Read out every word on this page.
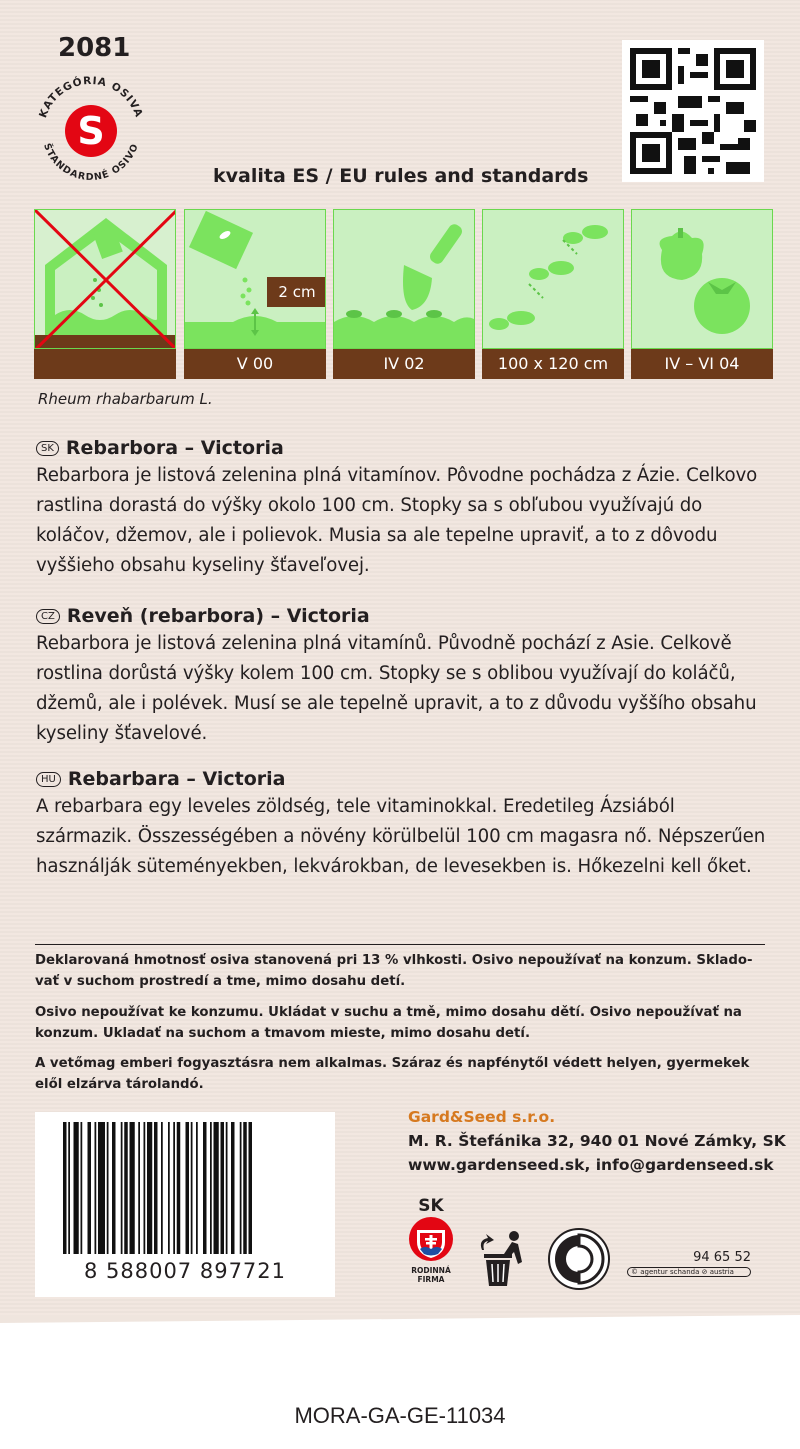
2081
KATEGÓRIA OSIVA
ŠTANDARDNÉ OSIVO
S
kvalita ES / EU rules and standards
2 cm
V 00	IV 02	100 x 120 cm	IV – VI 04
Rheum rhabarbarum L.
SK Rebarbora – Victoria

Rebarbora je listová zelenina plná vitamínov. Pôvodne pochádza z Ázie. Celkovo rastlina dorastá do výšky okolo 100 cm. Stopky sa s obľubou využívajú do koláčov, džemov, ale i polievok. Musia sa ale tepelne upraviť, a to z dôvodu vyššieho obsahu kyseliny šťaveľovej.

CZ Reveň (rebarbora) – Victoria

Rebarbora je listová zelenina plná vitamínů. Původně pochází z Asie. Celkově rostlina dorůstá výšky kolem 100 cm. Stopky se s oblibou využívají do koláčů, džemů, ale i polévek. Musí se ale tepelně upravit, a to z důvodu vyššího obsahu kyseliny šťavelové.

HU Rebarbara – Victoria

A rebarbara egy leveles zöldség, tele vitaminokkal. Eredetileg Ázsiából származik. Összességében a növény körülbelül 100 cm magasra nő. Népszerűen használják süteményekben, lekvárokban, de levesekben is. Hőkezelni kell őket.

Deklarovaná hmotnosť osiva stanovená pri 13 % vlhkosti. Osivo nepoužívať na konzum. Sklado-vať v suchom prostredí a tme, mimo dosahu detí.
Osivo nepoužívat ke konzumu. Ukládat v suchu a tmě, mimo dosahu dětí. Osivo nepoužívať na konzum. Ukladať na suchom a tmavom mieste, mimo dosahu detí.
A vetőmag emberi fogyasztásra nem alkalmas. Száraz és napfénytől védett helyen, gyermekek elől elzárva tárolandó.
8 588007 897721
Gard&Seed s.r.o.
M. R. Štefánika 32, 940 01 Nové Zámky, SK
www.gardenseed.sk, info@gardenseed.sk
SK
RODINNÁ FIRMA
94 65 52
© agentur schanda ⊘ austria
MORA-GA-GE-11034
